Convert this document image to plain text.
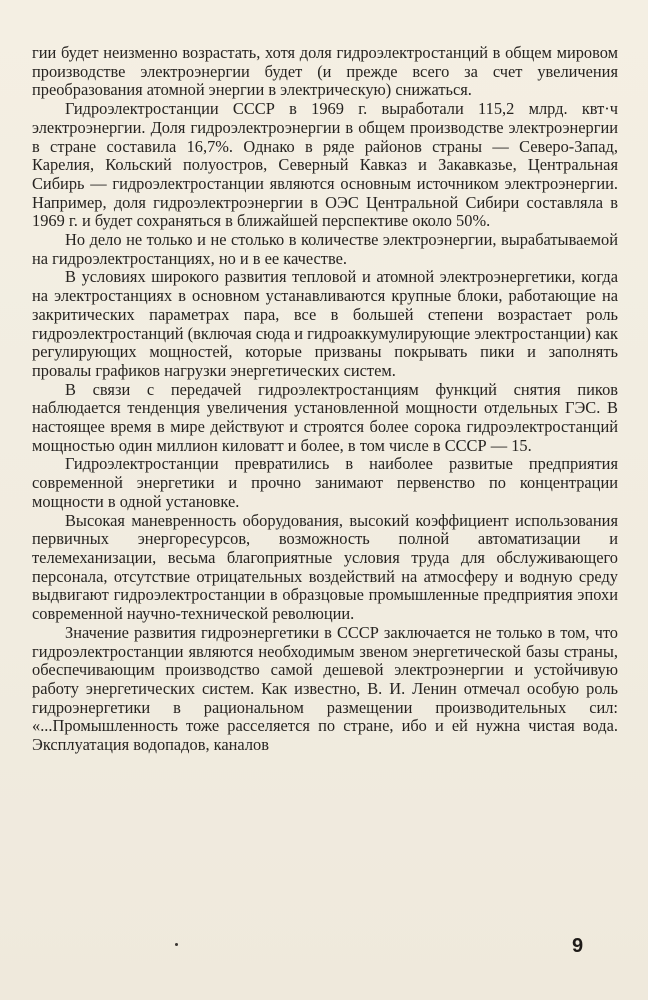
гии будет неизменно возрастать, хотя доля гидроэлектростанций в общем мировом производстве электроэнергии будет (и прежде всего за счет увеличения преобразования атомной энергии в электрическую) снижаться.

Гидроэлектростанции СССР в 1969 г. выработали 115,2 млрд. квт·ч электроэнергии. Доля гидроэлектроэнергии в общем производстве электроэнергии в стране составила 16,7%. Однако в ряде районов страны — Северо-Запад, Карелия, Кольский полуостров, Северный Кавказ и Закавказье, Центральная Сибирь — гидроэлектростанции являются основным источником электроэнергии. Например, доля гидроэлектроэнергии в ОЭС Центральной Сибири составляла в 1969 г. и будет сохраняться в ближайшей перспективе около 50%.

Но дело не только и не столько в количестве электроэнергии, вырабатываемой на гидроэлектростанциях, но и в ее качестве.

В условиях широкого развития тепловой и атомной электроэнергетики, когда на электростанциях в основном устанавливаются крупные блоки, работающие на закритических параметрах пара, все в большей степени возрастает роль гидроэлектростанций (включая сюда и гидроаккумулирующие электростанции) как регулирующих мощностей, которые призваны покрывать пики и заполнять провалы графиков нагрузки энергетических систем.

В связи с передачей гидроэлектростанциям функций снятия пиков наблюдается тенденция увеличения установленной мощности отдельных ГЭС. В настоящее время в мире действуют и строятся более сорока гидроэлектростанций мощностью один миллион киловатт и более, в том числе в СССР — 15.

Гидроэлектростанции превратились в наиболее развитые предприятия современной энергетики и прочно занимают первенство по концентрации мощности в одной установке.

Высокая маневренность оборудования, высокий коэффициент использования первичных энергоресурсов, возможность полной автоматизации и телемеханизации, весьма благоприятные условия труда для обслуживающего персонала, отсутствие отрицательных воздействий на атмосферу и водную среду выдвигают гидроэлектростанции в образцовые промышленные предприятия эпохи современной научно-технической революции.

Значение развития гидроэнергетики в СССР заключается не только в том, что гидроэлектростанции являются необходимым звеном энергетической базы страны, обеспечивающим производство самой дешевой электроэнергии и устойчивую работу энергетических систем. Как известно, В. И. Ленин отмечал особую роль гидроэнергетики в рациональном размещении производительных сил: «...Промышленность тоже расселяется по стране, ибо и ей нужна чистая вода. Эксплуатация водопадов, каналов

9
